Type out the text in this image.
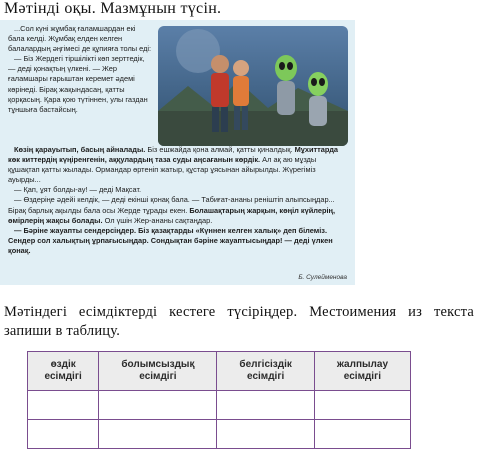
Мәтінді оқы. Мазмұнын түсін.

...Сол күні жұмбақ ғаламшардан екі бала келді. Жұмбақ елден келген балалардың әңгімесі де құпияға толы еді:

— Біз Жердегі тіршілікті көп зерттедік, — деді қонақтың үлкені. — Жер ғаламшары ғарыштан керемет әдемі көрінеді. Бірақ жақындасаң, қатты қорқасың. Қара қою түтіннен, улы газдан тұншыға бастайсың.

Көзің қарауытып, басың айналады. Біз ешжайда қона алмай, қатты қиналдық. Мұхиттарда көк киттердің күңіренгенін, аққулардың таза суды аңсағанын көрдік. Ал ақ аю мұзды құшақтап қатты жылады. Ормандар өртеніп жатыр, құстар ұясынан айырылды. Жүрегіміз ауырды...

— Қап, ұят болды-ау! — деді Мақсат.

— Өздеріңе әдейі келдік, — деді екінші қонақ бала. — Табиғат-ананы реніштіп алыпсыңдар... Бірақ барлық ақылды бала осы Жерде тұрады екен. Болашақтарың жарқын, көңіл күйлерің, өмірлерің жақсы болады. Ол үшін Жер-ананы сақтаңдар.

— Бәріне жауапты сендерсіңдер. Біз қазақтарды «Күннен келген халық» деп білеміз. Сендер сол халықтың ұрпағысыңдар. Сондықтан бәріне жауаптысыңдар! — деді үлкен қонақ.

Б. Сулейменова
Мәтіндегі есімдіктерді кестеге түсіріңдер. Местоимения из текста запиши в таблицу.
өздік есімдігі	болымсыздық есімдігі	белгісіздік есімдігі	жалпылау есімдігі
